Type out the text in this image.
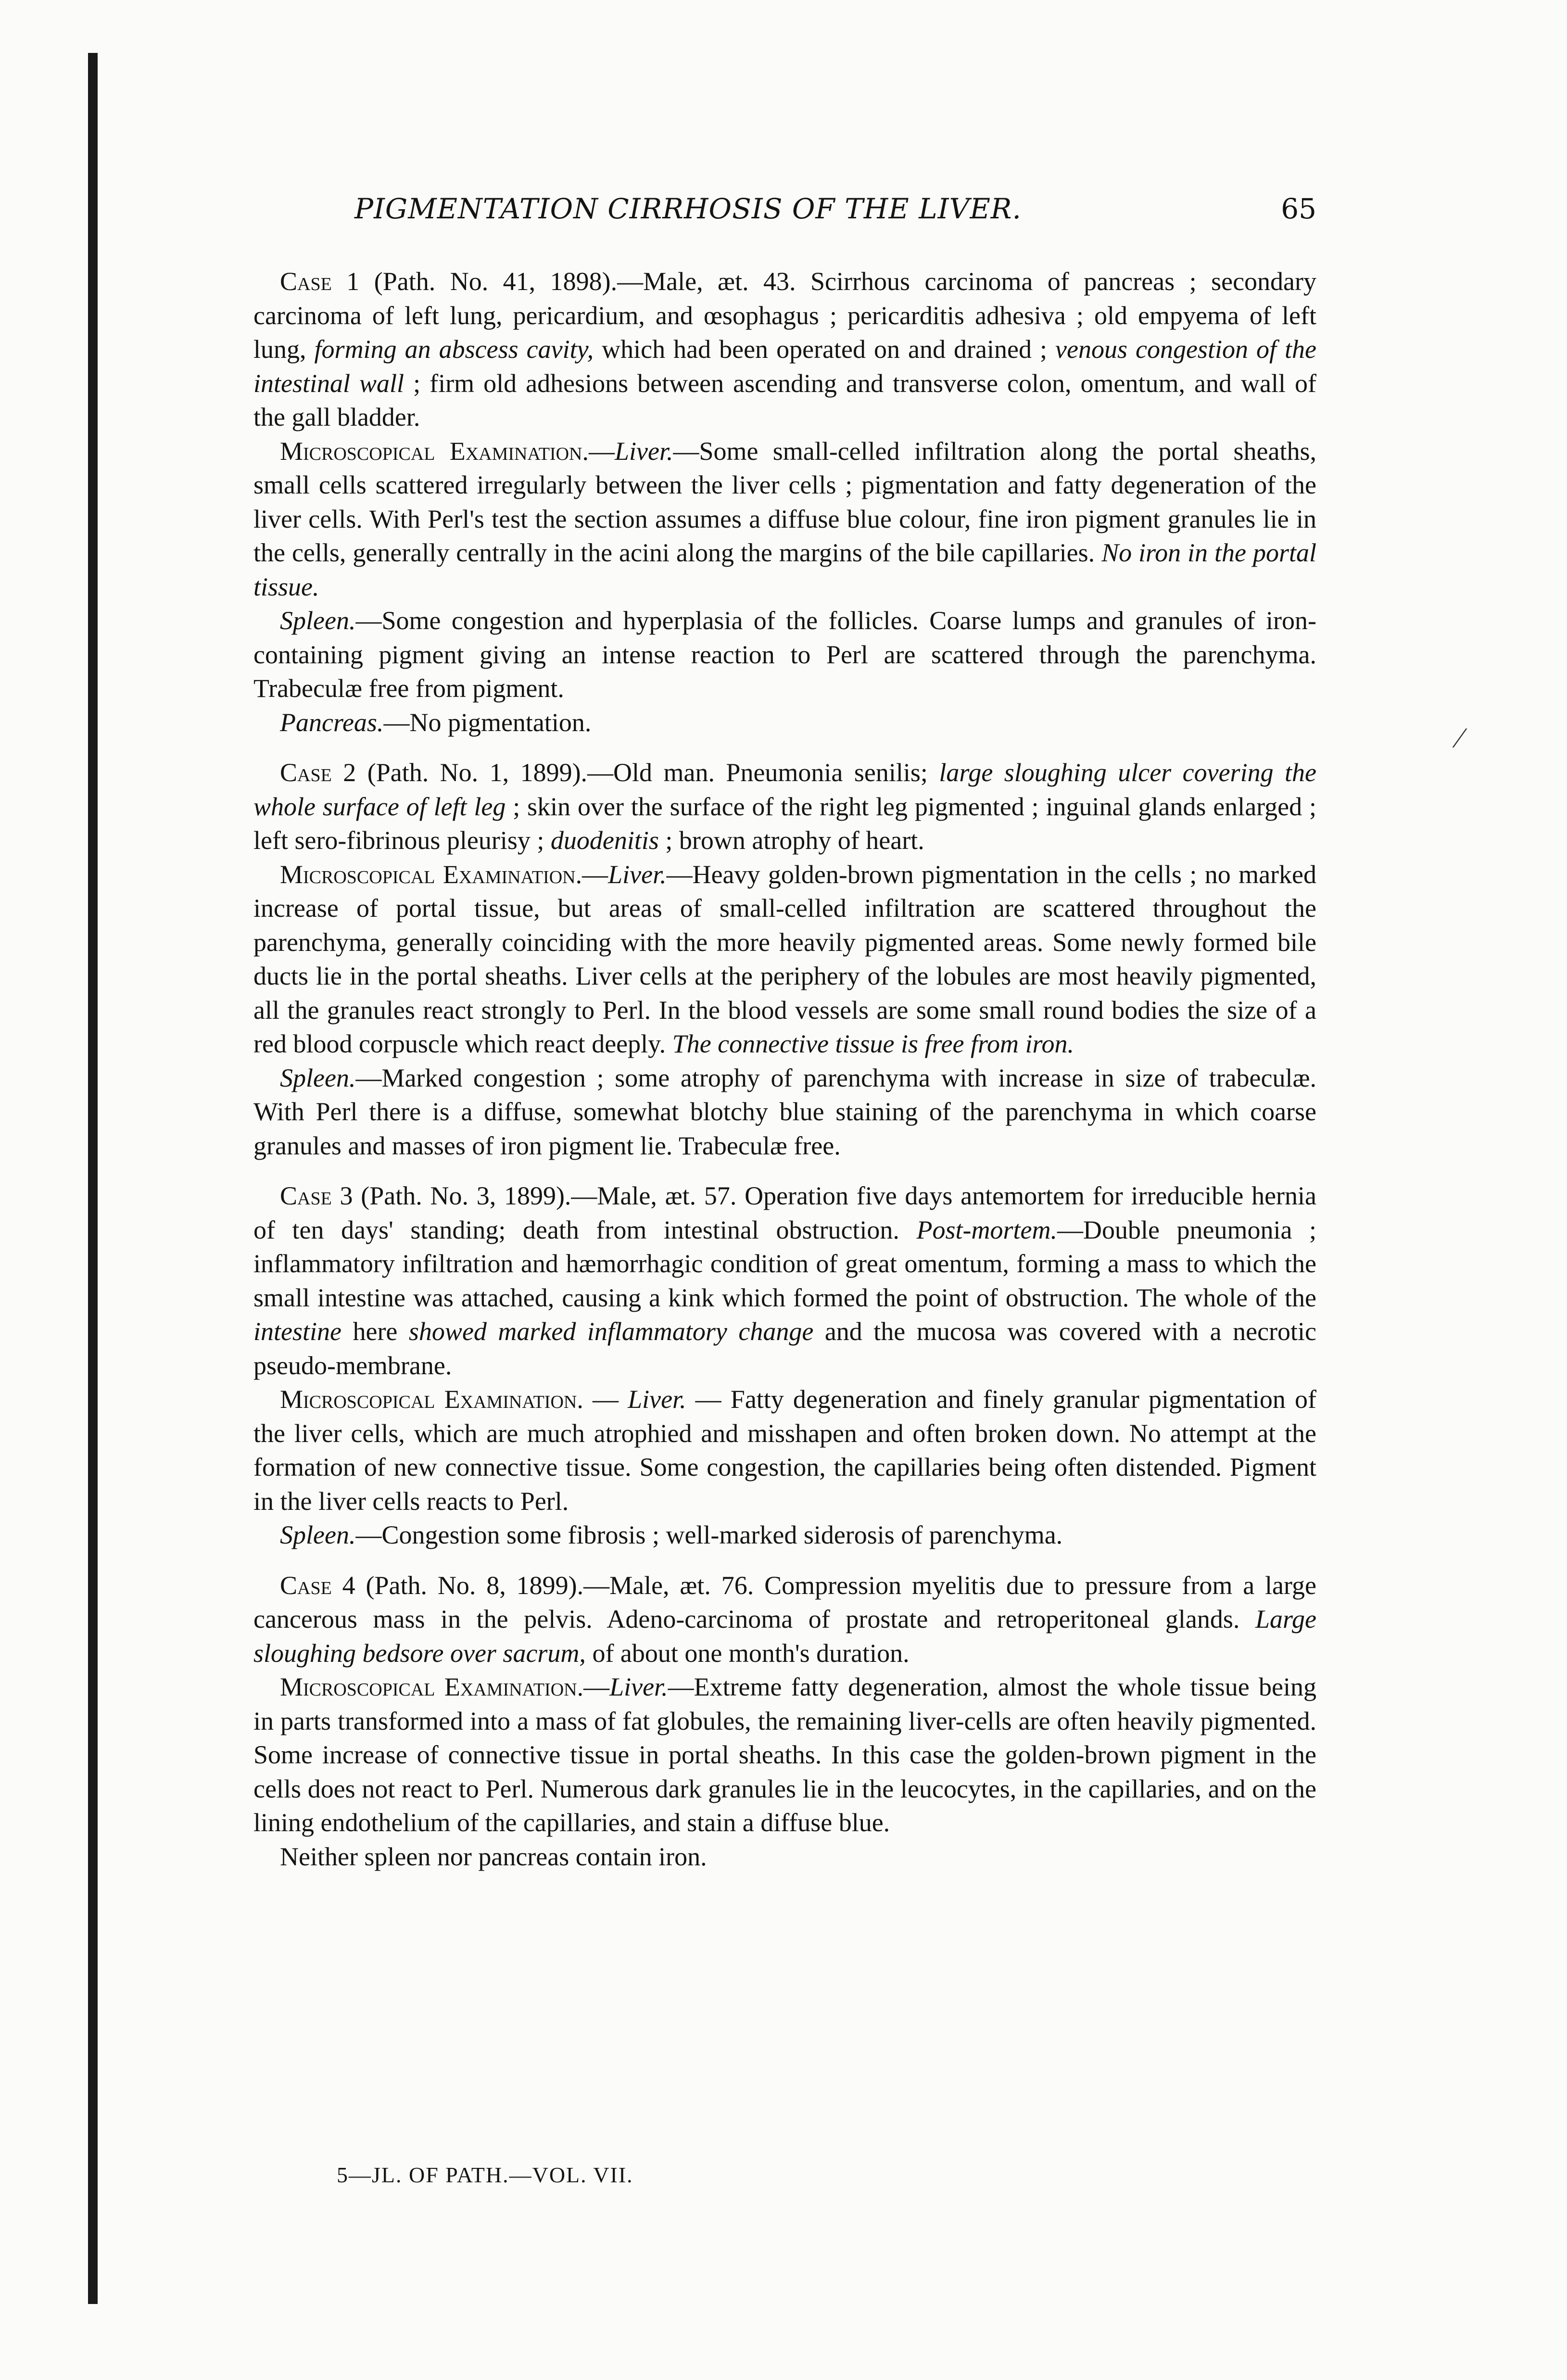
⁄
PIGMENTATION CIRRHOSIS OF THE LIVER.	65

Case 1 (Path. No. 41, 1898).—Male, æt. 43. Scirrhous carcinoma of pancreas ; secondary carcinoma of left lung, pericardium, and œsophagus ; pericarditis adhesiva ; old empyema of left lung, forming an abscess cavity, which had been operated on and drained ; venous congestion of the intestinal wall ; firm old adhesions between ascending and transverse colon, omentum, and wall of the gall bladder.

Microscopical Examination.—Liver.—Some small-celled infiltration along the portal sheaths, small cells scattered irregularly between the liver cells ; pigmentation and fatty degeneration of the liver cells. With Perl's test the section assumes a diffuse blue colour, fine iron pigment granules lie in the cells, generally centrally in the acini along the margins of the bile capillaries. No iron in the portal tissue.

Spleen.—Some congestion and hyperplasia of the follicles. Coarse lumps and granules of iron-containing pigment giving an intense reaction to Perl are scattered through the parenchyma. Trabeculæ free from pigment.

Pancreas.—No pigmentation.

Case 2 (Path. No. 1, 1899).—Old man. Pneumonia senilis; large sloughing ulcer covering the whole surface of left leg ; skin over the surface of the right leg pigmented ; inguinal glands enlarged ; left sero-fibrinous pleurisy ; duodenitis ; brown atrophy of heart.

Microscopical Examination.—Liver.—Heavy golden-brown pigmentation in the cells ; no marked increase of portal tissue, but areas of small-celled infiltration are scattered throughout the parenchyma, generally coinciding with the more heavily pigmented areas. Some newly formed bile ducts lie in the portal sheaths. Liver cells at the periphery of the lobules are most heavily pigmented, all the granules react strongly to Perl. In the blood vessels are some small round bodies the size of a red blood corpuscle which react deeply. The connective tissue is free from iron.

Spleen.—Marked congestion ; some atrophy of parenchyma with increase in size of trabeculæ. With Perl there is a diffuse, somewhat blotchy blue staining of the parenchyma in which coarse granules and masses of iron pigment lie. Trabeculæ free.

Case 3 (Path. No. 3, 1899).—Male, æt. 57. Operation five days antemortem for irreducible hernia of ten days' standing; death from intestinal obstruction. Post-mortem.—Double pneumonia ; inflammatory infiltration and hæmorrhagic condition of great omentum, forming a mass to which the small intestine was attached, causing a kink which formed the point of obstruction. The whole of the intestine here showed marked inflammatory change and the mucosa was covered with a necrotic pseudo-membrane.

Microscopical Examination. — Liver. — Fatty degeneration and finely granular pigmentation of the liver cells, which are much atrophied and misshapen and often broken down. No attempt at the formation of new connective tissue. Some congestion, the capillaries being often distended. Pigment in the liver cells reacts to Perl.

Spleen.—Congestion some fibrosis ; well-marked siderosis of parenchyma.

Case 4 (Path. No. 8, 1899).—Male, æt. 76. Compression myelitis due to pressure from a large cancerous mass in the pelvis. Adeno-carcinoma of prostate and retroperitoneal glands. Large sloughing bedsore over sacrum, of about one month's duration.

Microscopical Examination.—Liver.—Extreme fatty degeneration, almost the whole tissue being in parts transformed into a mass of fat globules, the remaining liver-cells are often heavily pigmented. Some increase of connective tissue in portal sheaths. In this case the golden-brown pigment in the cells does not react to Perl. Numerous dark granules lie in the leucocytes, in the capillaries, and on the lining endothelium of the capillaries, and stain a diffuse blue.

Neither spleen nor pancreas contain iron.

5—JL. OF PATH.—VOL. VII.
